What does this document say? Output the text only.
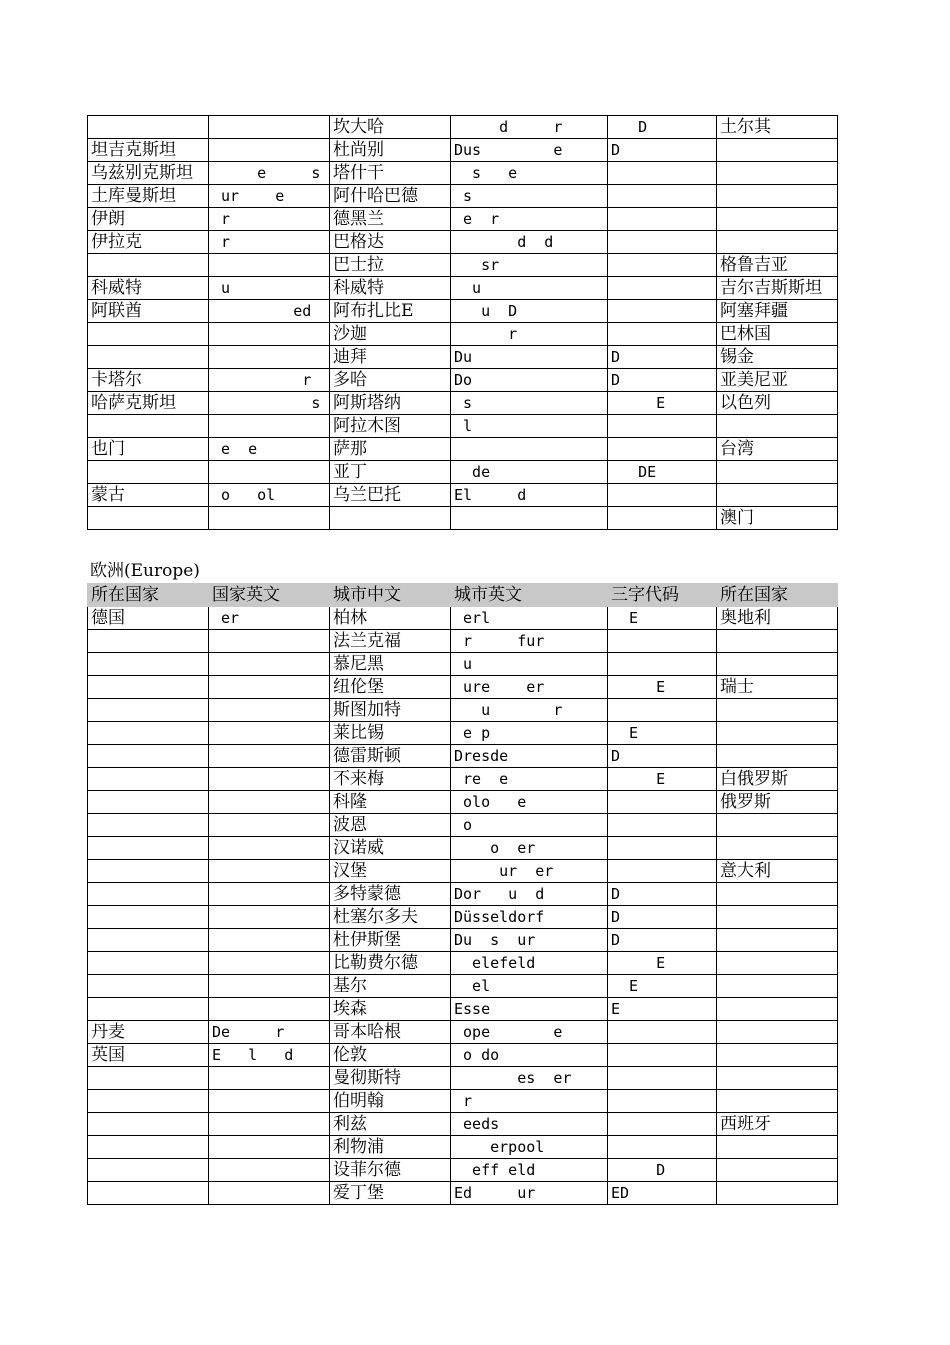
		坎大哈	d     r	D	土尔其
坦吉克斯坦		杜尚别	Dus        e	D	
乌兹别克斯坦	e     s	塔什干	s   e		
土库曼斯坦	ur    e	阿什哈巴德	s		
伊朗	r	德黑兰	e  r		
伊拉克	r	巴格达	d  d		
		巴士拉	sr		格鲁吉亚
科威特	u	科威特	u		吉尔吉斯斯坦
阿联酋	ed	阿布扎比E	u  D		阿塞拜疆
		沙迦	r		巴林国
		迪拜	Du	D	锡金
卡塔尔	r	多哈	Do	D	亚美尼亚
哈萨克斯坦	s	阿斯塔纳	s	E	以色列
		阿拉木图	l		
也门	e  e	萨那			台湾
		亚丁	de	DE	
蒙古	o   ol	乌兰巴托	El     d		
					澳门
欧洲(Europe)
所在国家	国家英文	城市中文	城市英文	三字代码	所在国家
德国	er	柏林	erl	E	奥地利
		法兰克福	r     fur		
		慕尼黑	u		
		纽伦堡	ure    er	E	瑞士
		斯图加特	u       r		
		莱比锡	e p	E	
		德雷斯顿	Dresde	D	
		不来梅	re  e	E	白俄罗斯
		科隆	olo   e		俄罗斯
		波恩	o		
		汉诺威	o  er		
		汉堡	ur  er		意大利
		多特蒙德	Dor   u  d	D	
		杜塞尔多夫	Düsseldorf	D	
		杜伊斯堡	Du  s  ur	D	
		比勒费尔德	elefeld	E	
		基尔	el	E	
		埃森	Esse	E	
丹麦	De     r	哥本哈根	ope       e		
英国	E   l   d	伦敦	o do		
		曼彻斯特	es  er		
		伯明翰	r		
		利兹	eeds		西班牙
		利物浦	erpool		
		设菲尔德	eff eld	D	
		爱丁堡	Ed     ur	ED	
